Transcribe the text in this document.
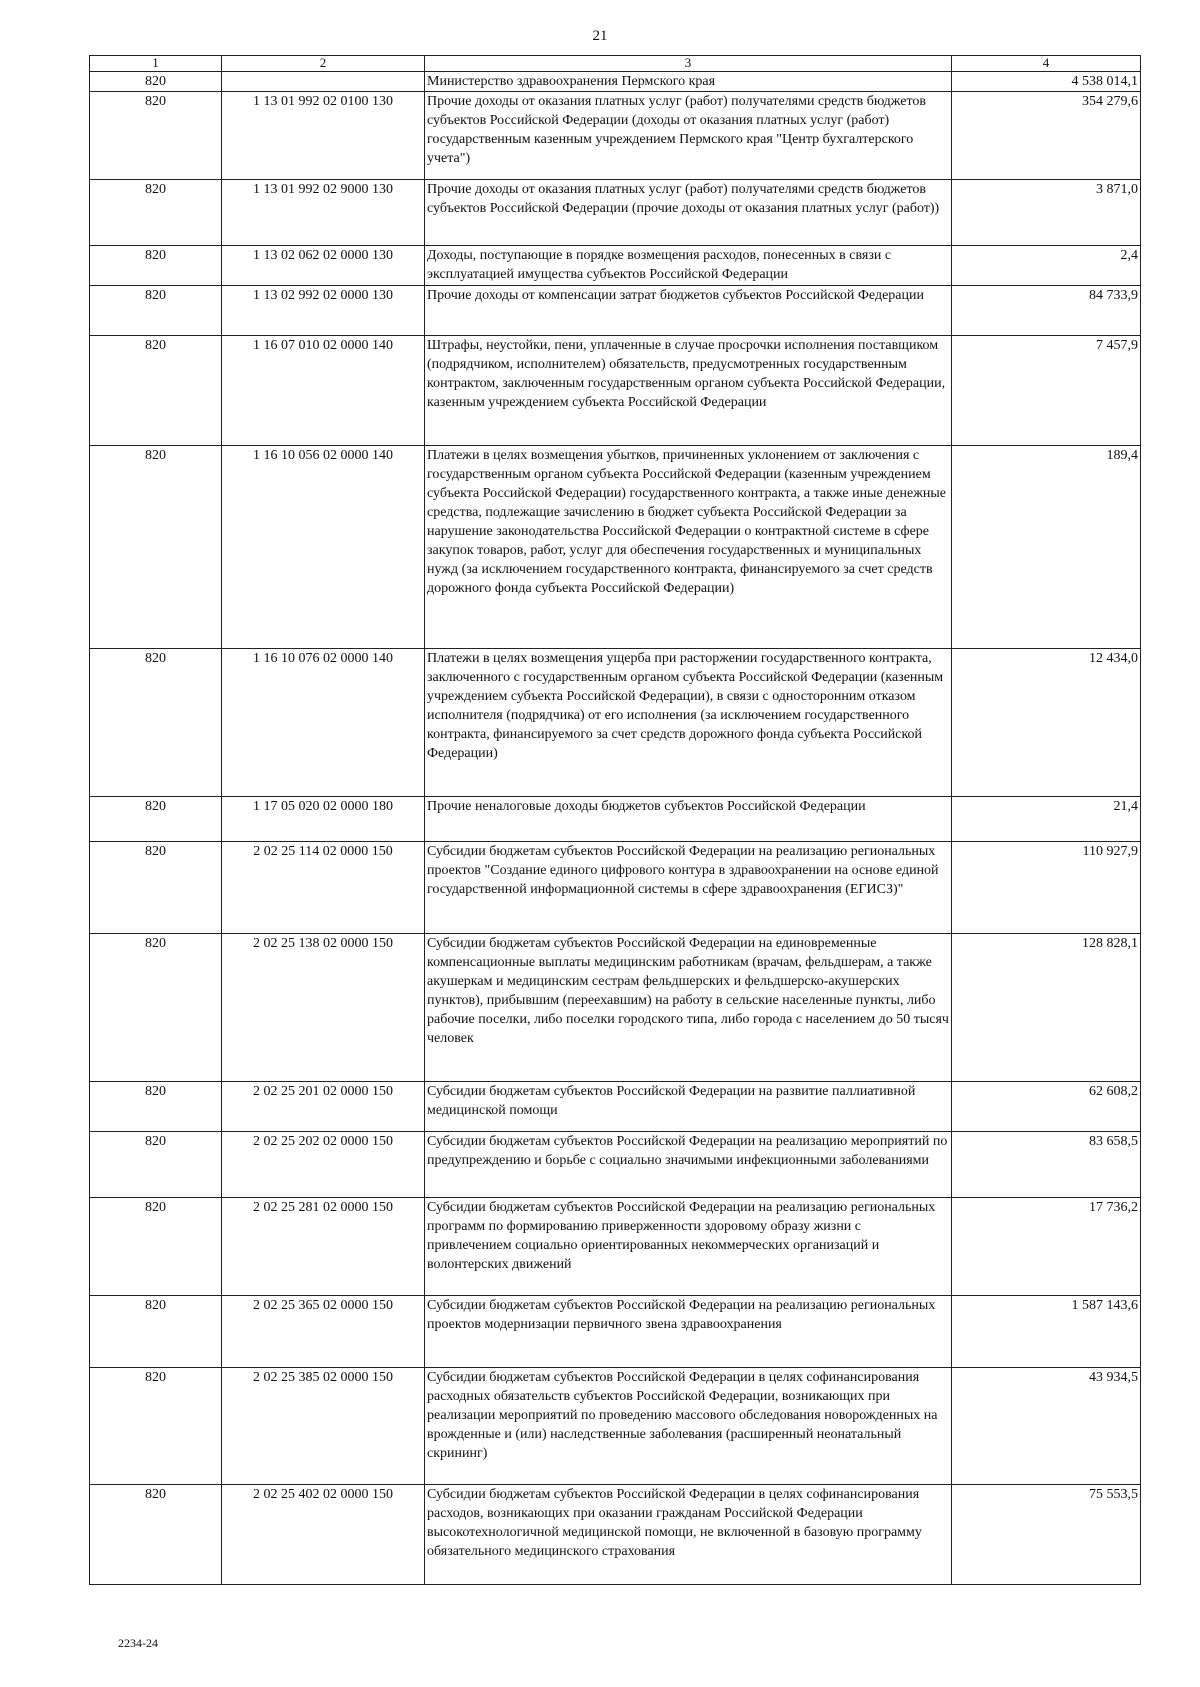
21
1	2	3	4
820		Министерство здравоохранения Пермского края	4 538 014,1
820	1 13 01 992 02 0100 130	Прочие доходы от оказания платных услуг (работ) получателями средств бюджетов субъектов Российской Федерации (доходы от оказания платных услуг (работ) государственным казенным учреждением Пермского края "Центр бухгалтерского учета")	354 279,6
820	1 13 01 992 02 9000 130	Прочие доходы от оказания платных услуг (работ) получателями средств бюджетов субъектов Российской Федерации (прочие доходы от оказания платных услуг (работ))	3 871,0
820	1 13 02 062 02 0000 130	Доходы, поступающие в порядке возмещения расходов, понесенных в связи с эксплуатацией имущества субъектов Российской Федерации	2,4
820	1 13 02 992 02 0000 130	Прочие доходы от компенсации затрат бюджетов субъектов Российской Федерации	84 733,9
820	1 16 07 010 02 0000 140	Штрафы, неустойки, пени, уплаченные в случае просрочки исполнения поставщиком (подрядчиком, исполнителем) обязательств, предусмотренных государственным контрактом, заключенным государственным органом субъекта Российской Федерации, казенным учреждением субъекта Российской Федерации	7 457,9
820	1 16 10 056 02 0000 140	Платежи в целях возмещения убытков, причиненных уклонением от заключения с государственным органом субъекта Российской Федерации (казенным учреждением субъекта Российской Федерации) государственного контракта, а также иные денежные средства, подлежащие зачислению в бюджет субъекта Российской Федерации за нарушение законодательства Российской Федерации о контрактной системе в сфере закупок товаров, работ, услуг для обеспечения государственных и муниципальных нужд (за исключением государственного контракта, финансируемого за счет средств дорожного фонда субъекта Российской Федерации)	189,4
820	1 16 10 076 02 0000 140	Платежи в целях возмещения ущерба при расторжении государственного контракта, заключенного с государственным органом субъекта Российской Федерации (казенным учреждением субъекта Российской Федерации), в связи с односторонним отказом исполнителя (подрядчика) от его исполнения (за исключением государственного контракта, финансируемого за счет средств дорожного фонда субъекта Российской Федерации)	12 434,0
820	1 17 05 020 02 0000 180	Прочие неналоговые доходы бюджетов субъектов Российской Федерации	21,4
820	2 02 25 114 02 0000 150	Субсидии бюджетам субъектов Российской Федерации на реализацию региональных проектов "Создание единого цифрового контура в здравоохранении на основе единой государственной информационной системы в сфере здравоохранения (ЕГИСЗ)"	110 927,9
820	2 02 25 138 02 0000 150	Субсидии бюджетам субъектов Российской Федерации на единовременные компенсационные выплаты медицинским работникам (врачам, фельдшерам, а также акушеркам и медицинским сестрам фельдшерских и фельдшерско-акушерских пунктов), прибывшим (переехавшим) на работу в сельские населенные пункты, либо рабочие поселки, либо поселки городского типа, либо города с населением до 50 тысяч человек	128 828,1
820	2 02 25 201 02 0000 150	Субсидии бюджетам субъектов Российской Федерации на развитие паллиативной медицинской помощи	62 608,2
820	2 02 25 202 02 0000 150	Субсидии бюджетам субъектов Российской Федерации на реализацию мероприятий по предупреждению и борьбе с социально значимыми инфекционными заболеваниями	83 658,5
820	2 02 25 281 02 0000 150	Субсидии бюджетам субъектов Российской Федерации на реализацию региональных программ по формированию приверженности здоровому образу жизни с привлечением социально ориентированных некоммерческих организаций и волонтерских движений	17 736,2
820	2 02 25 365 02 0000 150	Субсидии бюджетам субъектов Российской Федерации на реализацию региональных проектов модернизации первичного звена здравоохранения	1 587 143,6
820	2 02 25 385 02 0000 150	Субсидии бюджетам субъектов Российской Федерации в целях софинансирования расходных обязательств субъектов Российской Федерации, возникающих при реализации мероприятий по проведению массового обследования новорожденных на врожденные и (или) наследственные заболевания (расширенный неонатальный скрининг)	43 934,5
820	2 02 25 402 02 0000 150	Субсидии бюджетам субъектов Российской Федерации в целях софинансирования расходов, возникающих при оказании гражданам Российской Федерации высокотехнологичной медицинской помощи, не включенной в базовую программу обязательного медицинского страхования	75 553,5
2234-24
